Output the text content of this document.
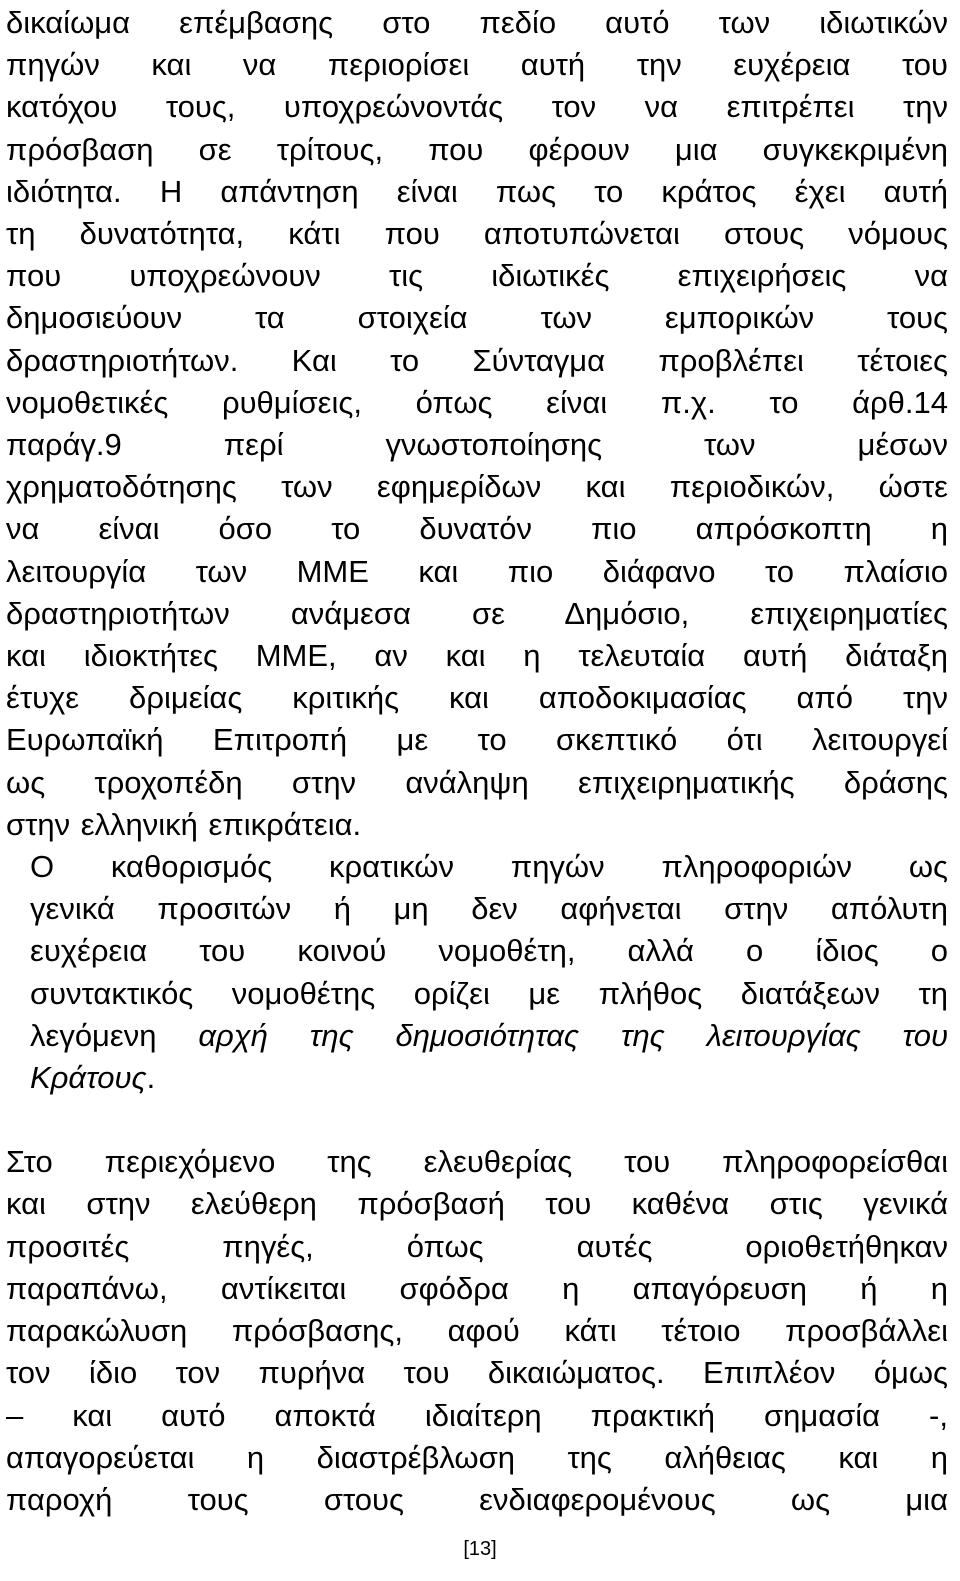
δικαίωμα επέμβασης στο πεδίο αυτό των ιδιωτικών
πηγών και να περιορίσει αυτή την ευχέρεια του
κατόχου τους, υποχρεώνοντάς τον να επιτρέπει την
πρόσβαση σε τρίτους, που φέρουν μια συγκεκριμένη
ιδιότητα. Η απάντηση είναι πως το κράτος έχει αυτή
τη δυνατότητα, κάτι που αποτυπώνεται στους νόμους
που υποχρεώνουν τις ιδιωτικές επιχειρήσεις να
δημοσιεύουν τα στοιχεία των εμπορικών τους
δραστηριοτήτων. Και το Σύνταγμα προβλέπει τέτοιες
νομοθετικές ρυθμίσεις, όπως είναι π.χ. το άρθ.14
παράγ.9 περί γνωστοποίησης των μέσων
χρηματοδότησης των εφημερίδων και περιοδικών, ώστε
να είναι όσο το δυνατόν πιο απρόσκοπτη η
λειτουργία των ΜΜΕ και πιο διάφανο το πλαίσιο
δραστηριοτήτων ανάμεσα σε Δημόσιο, επιχειρηματίες
και ιδιοκτήτες ΜΜΕ, αν και η τελευταία αυτή διάταξη
έτυχε δριμείας κριτικής και αποδοκιμασίας από την
Ευρωπαϊκή Επιτροπή με το σκεπτικό ότι λειτουργεί
ως τροχοπέδη στην ανάληψη επιχειρηματικής δράσης
στην ελληνική επικράτεια.

Ο καθορισμός κρατικών πηγών πληροφοριών ως
γενικά προσιτών ή μη δεν αφήνεται στην απόλυτη
ευχέρεια του κοινού νομοθέτη, αλλά ο ίδιος ο
συντακτικός νομοθέτης ορίζει με πλήθος διατάξεων τη
λεγόμενη αρχή της δημοσιότητας της λειτουργίας του
Κράτους.

Στο περιεχόμενο της ελευθερίας του πληροφορείσθαι
και στην ελεύθερη πρόσβασή του καθένα στις γενικά
προσιτές πηγές, όπως αυτές οριοθετήθηκαν
παραπάνω, αντίκειται σφόδρα η απαγόρευση ή η
παρακώλυση πρόσβασης, αφού κάτι τέτοιο προσβάλλει
τον ίδιο τον πυρήνα του δικαιώματος. Επιπλέον όμως
– και αυτό αποκτά ιδιαίτερη πρακτική σημασία -,
απαγορεύεται η διαστρέβλωση της αλήθειας και η
παροχή τους στους ενδιαφερομένους ως μια

[13]
